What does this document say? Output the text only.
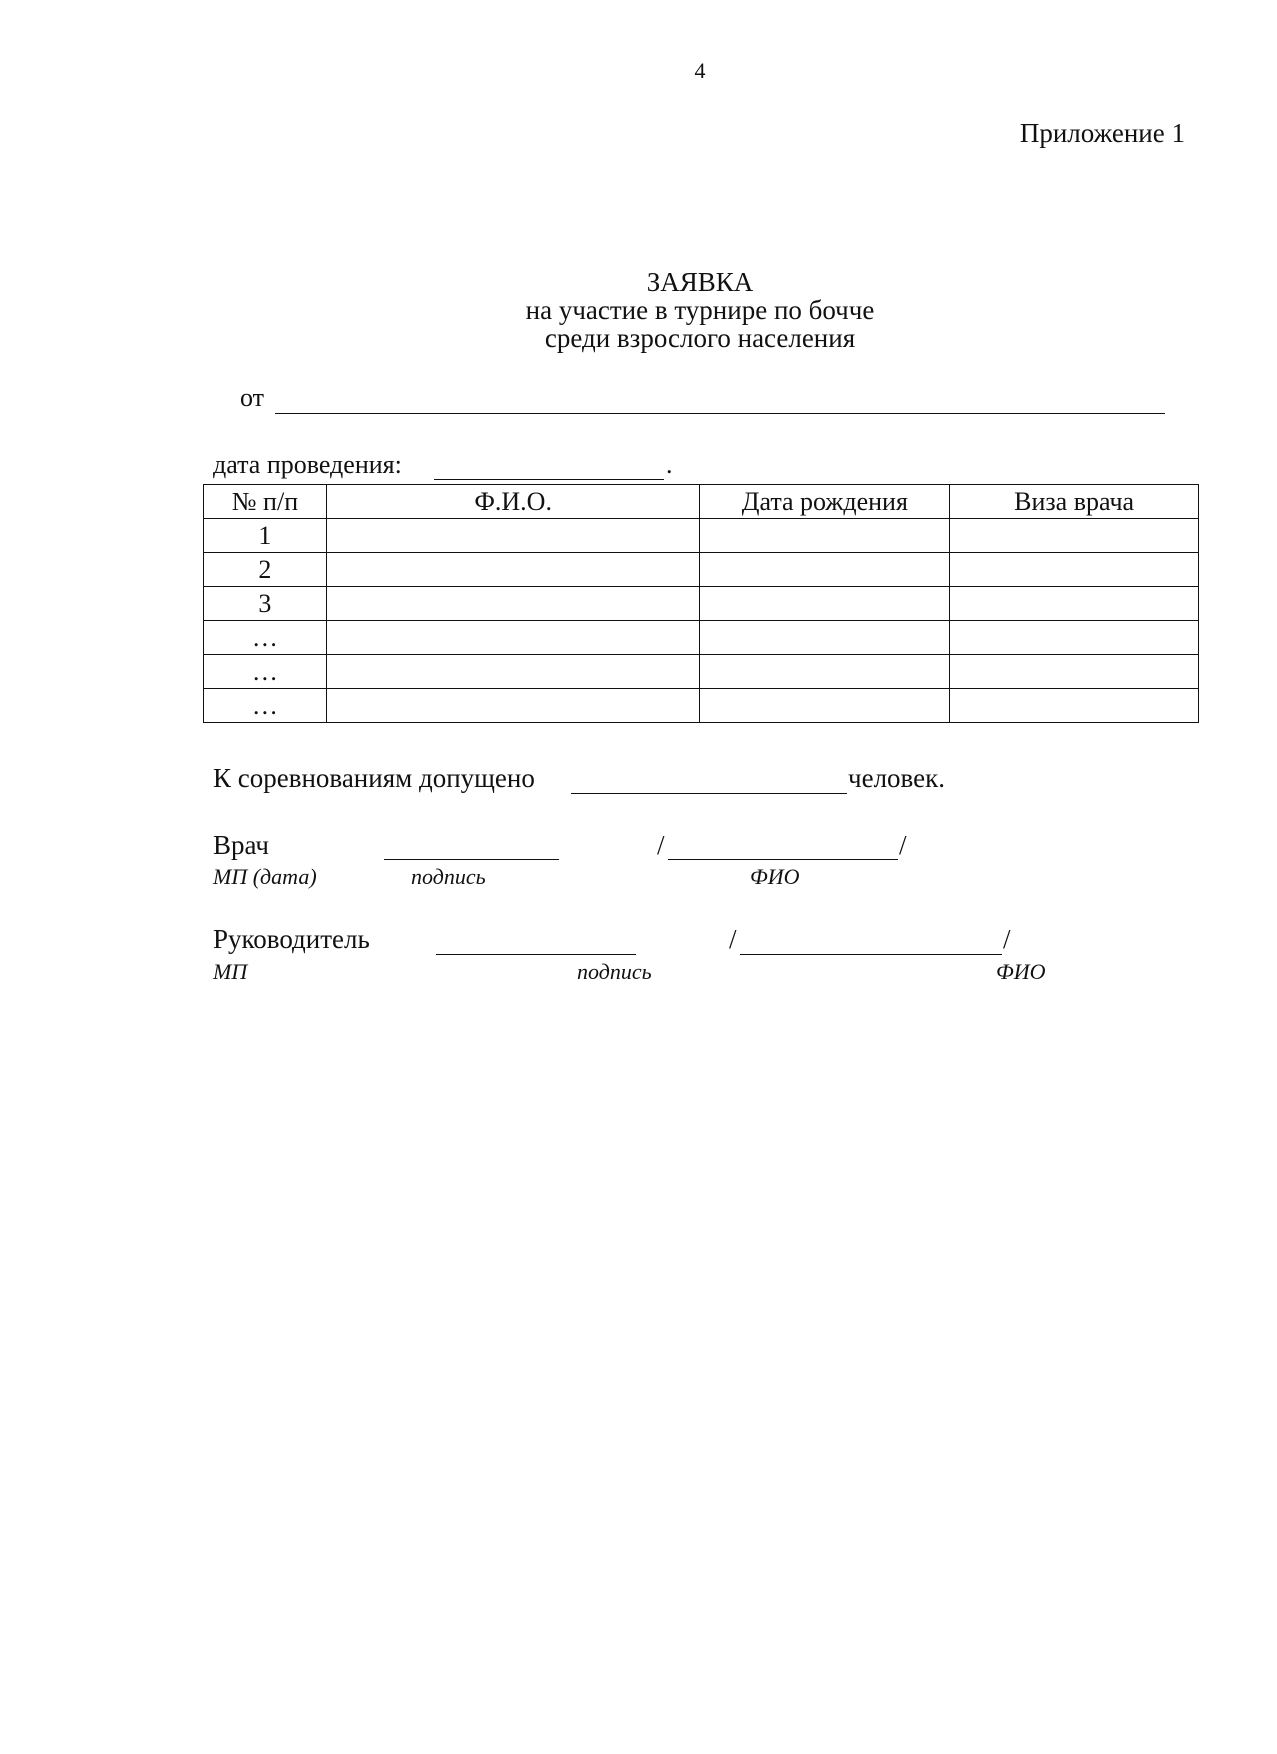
4
Приложение 1
ЗАЯВКА
на участие в турнире по бочче
среди взрослого населения
от
дата проведения:	.
№ п/п	Ф.И.О.	Дата рождения	Виза врача
1			
2			
3			
…			
…			
…			
К соревнованиям допущено	человек.
Врач	/	/
МП (дата)	подпись	ФИО
Руководитель	/	/
МП	подпись	ФИО
